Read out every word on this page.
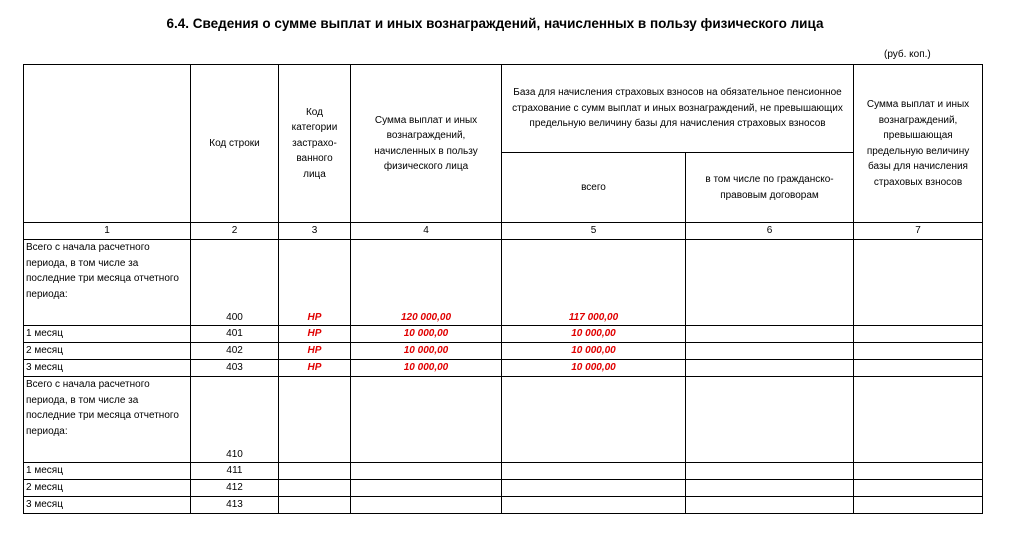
6.4. Сведения о сумме выплат и иных вознаграждений, начисленных в пользу физического лица
(руб. коп.)
	Код строки	Код категории застрахо-ванного лица	Сумма выплат и иных вознаграждений, начисленных в пользу физического лица	База для начисления страховых взносов на обязательное пенсионное страхование с сумм выплат и иных вознаграждений, не превышающих предельную величину базы для начисления страховых взносов		Сумма выплат и иных вознаграждений, превышающая предельную величину базы для начисления страховых взносов
				всего	в том числе по гражданско-правовым договорам	
1	2	3	4	5	6	7
Всего с начала расчетного периода, в том числе за последние три месяца отчетного периода:	400	НР	120 000,00	117 000,00		
1 месяц	401	НР	10 000,00	10 000,00		
2 месяц	402	НР	10 000,00	10 000,00		
3 месяц	403	НР	10 000,00	10 000,00		
Всего с начала расчетного периода, в том числе за последние три месяца отчетного периода:	410					
1 месяц	411					
2 месяц	412					
3 месяц	413					
